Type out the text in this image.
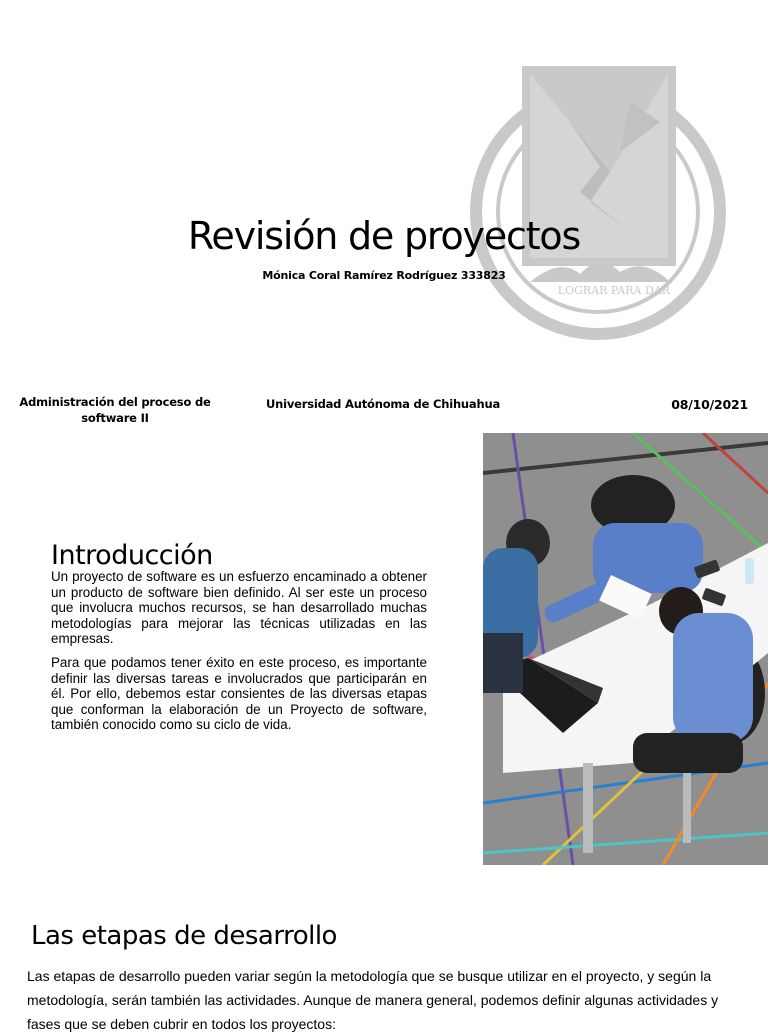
LOGRAR PARA DAR
Revisión de proyectos
Mónica Coral Ramírez Rodríguez 333823
Administración del proceso de software II
Universidad Autónoma de Chihuahua	08/10/2021
Introducción

Un proyecto de software es un esfuerzo encaminado a obtener un producto de software bien definido. Al ser este un proceso que involucra muchos recursos, se han desarrollado muchas metodologías para mejorar las técnicas utilizadas en las empresas.

Para que podamos tener éxito en este proceso, es importante definir las diversas tareas e involucrados que participarán en él. Por ello, debemos estar consientes de las diversas etapas que conforman la elaboración de un Proyecto de software, también conocido como su ciclo de vida.

Las etapas de desarrollo
Las etapas de desarrollo pueden variar según la metodología que se busque utilizar en el proyecto, y según la metodología, serán también las actividades. Aunque de manera general, podemos definir algunas actividades y fases que se deben cubrir en todos los proyectos:
